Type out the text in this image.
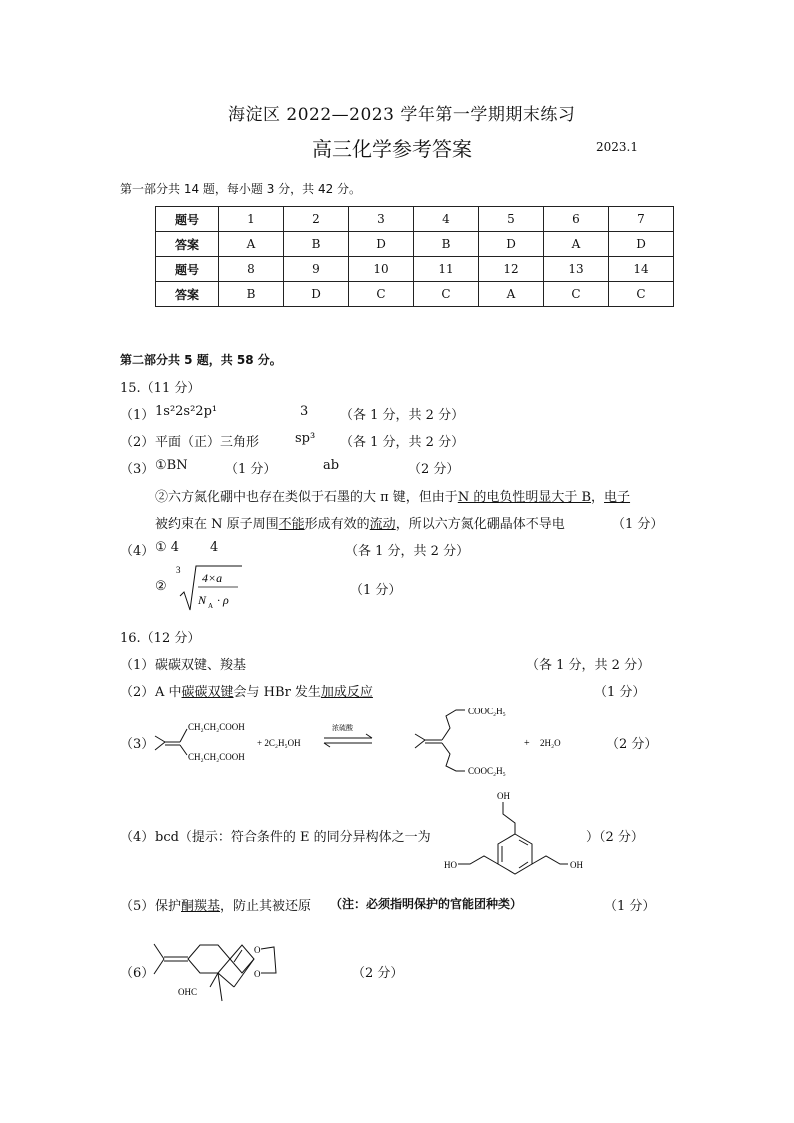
海淀区 2022—2023 学年第一学期期末练习
高三化学参考答案	2023.1
第一部分共 14 题，每小题 3 分，共 42 分。
题号	1	2	3	4	5	6	7
答案	A	B	D	B	D	A	D
题号	8	9	10	11	12	13	14
答案	B	D	C	C	A	C	C
第二部分共 5 题，共 58 分。
15.（11 分）
（1） 1s²2s²2p¹	3 （各 1 分，共 2 分）
（2） 平面（正）三角形	sp³ （各 1 分，共 2 分）
（3） ①BN	（1 分）	ab	（2 分）
②六方氮化硼中也存在类似于石墨的大 π 键，但由于N 的电负性明显大于 B，电子
被约束在 N 原子周围不能形成有效的流动，所以六方氮化硼晶体不导电	（1 分）
（4） ① 4 4	（各 1 分，共 2 分）
②
3
4×a
N A · ρ
（1 分）
16.（12 分）
（1） 碳碳双键、羧基	（各 1 分，共 2 分）
（2） A 中碳碳双键会与 HBr 发生加成反应	（1 分）
（3）
CH₂CH₂COOH
CH₂CH₂COOH
+ 2C₂H₅OH
浓硫酸
COOC₂H₅
COOC₂H₅
+ 2H₂O	（2 分）
（4） bcd（提示：符合条件的 E 的同分异构体之一为
OH
HO	OH
）（2 分）
（5） 保护酮羰基，防止其被还原 （注：必须指明保护的官能团种类）	（1 分）
（6）
O
O
OHC
（2 分）
